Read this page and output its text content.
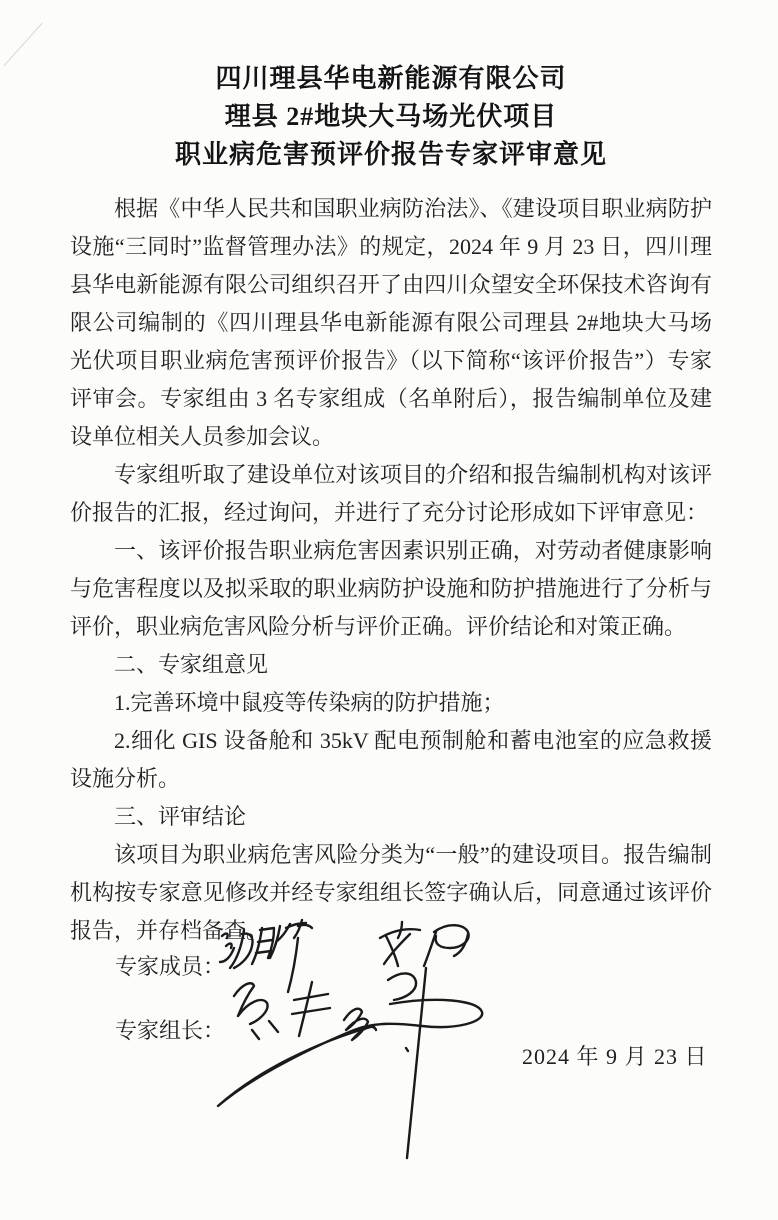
四川理县华电新能源有限公司
理县 2#地块大马场光伏项目
职业病危害预评价报告专家评审意见

根据《中华人民共和国职业病防治法》、《建设项目职业病防护设施“三同时”监督管理办法》的规定，2024 年 9 月 23 日，四川理县华电新能源有限公司组织召开了由四川众望安全环保技术咨询有限公司编制的《四川理县华电新能源有限公司理县 2#地块大马场光伏项目职业病危害预评价报告》（以下简称“该评价报告”）专家评审会。专家组由 3 名专家组成（名单附后），报告编制单位及建设单位相关人员参加会议。

专家组听取了建设单位对该项目的介绍和报告编制机构对该评价报告的汇报，经过询问，并进行了充分讨论形成如下评审意见：

一、该评价报告职业病危害因素识别正确，对劳动者健康影响与危害程度以及拟采取的职业病防护设施和防护措施进行了分析与评价，职业病危害风险分析与评价正确。评价结论和对策正确。

二、专家组意见

1.完善环境中鼠疫等传染病的防护措施；

2.细化 GIS 设备舱和 35kV 配电预制舱和蓄电池室的应急救援设施分析。

三、评审结论

该项目为职业病危害风险分类为“一般”的建设项目。报告编制机构按专家意见修改并经专家组组长签字确认后，同意通过该评价报告，并存档备查。

专家成员：
专家组长：
2024 年 9 月 23 日
